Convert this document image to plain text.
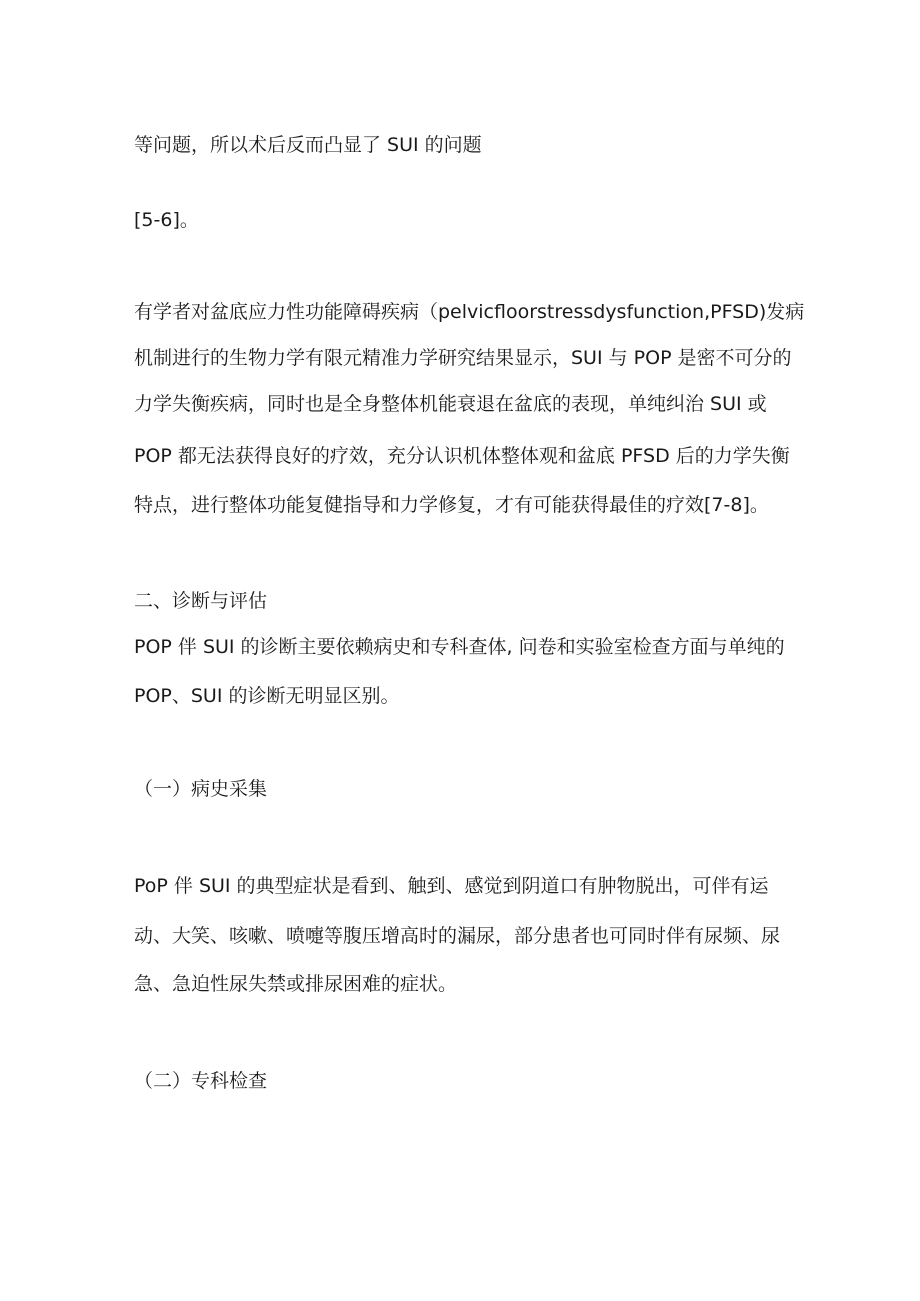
等问题，所以术后反而凸显了 SUI 的问题
[5-6]。
有学者对盆底应力性功能障碍疾病（pelvicfloorstressdysfunction,PFSD)发病
机制进行的生物力学有限元精准力学研究结果显示，SUI 与 POP 是密不可分的
力学失衡疾病，同时也是全身整体机能衰退在盆底的表现，单纯纠治 SUI 或
POP 都无法获得良好的疗效，充分认识机体整体观和盆底 PFSD 后的力学失衡
特点，进行整体功能复健指导和力学修复，才有可能获得最佳的疗效[7-8]。
二、诊断与评估
POP 伴 SUI 的诊断主要依赖病史和专科查体, 问卷和实验室检查方面与单纯的
POP、SUI 的诊断无明显区别。
（一）病史采集
PoP 伴 SUI 的典型症状是看到、触到、感觉到阴道口有肿物脱出，可伴有运
动、大笑、咳嗽、喷嚏等腹压增高时的漏尿，部分患者也可同时伴有尿频、尿
急、急迫性尿失禁或排尿困难的症状。
（二）专科检查
